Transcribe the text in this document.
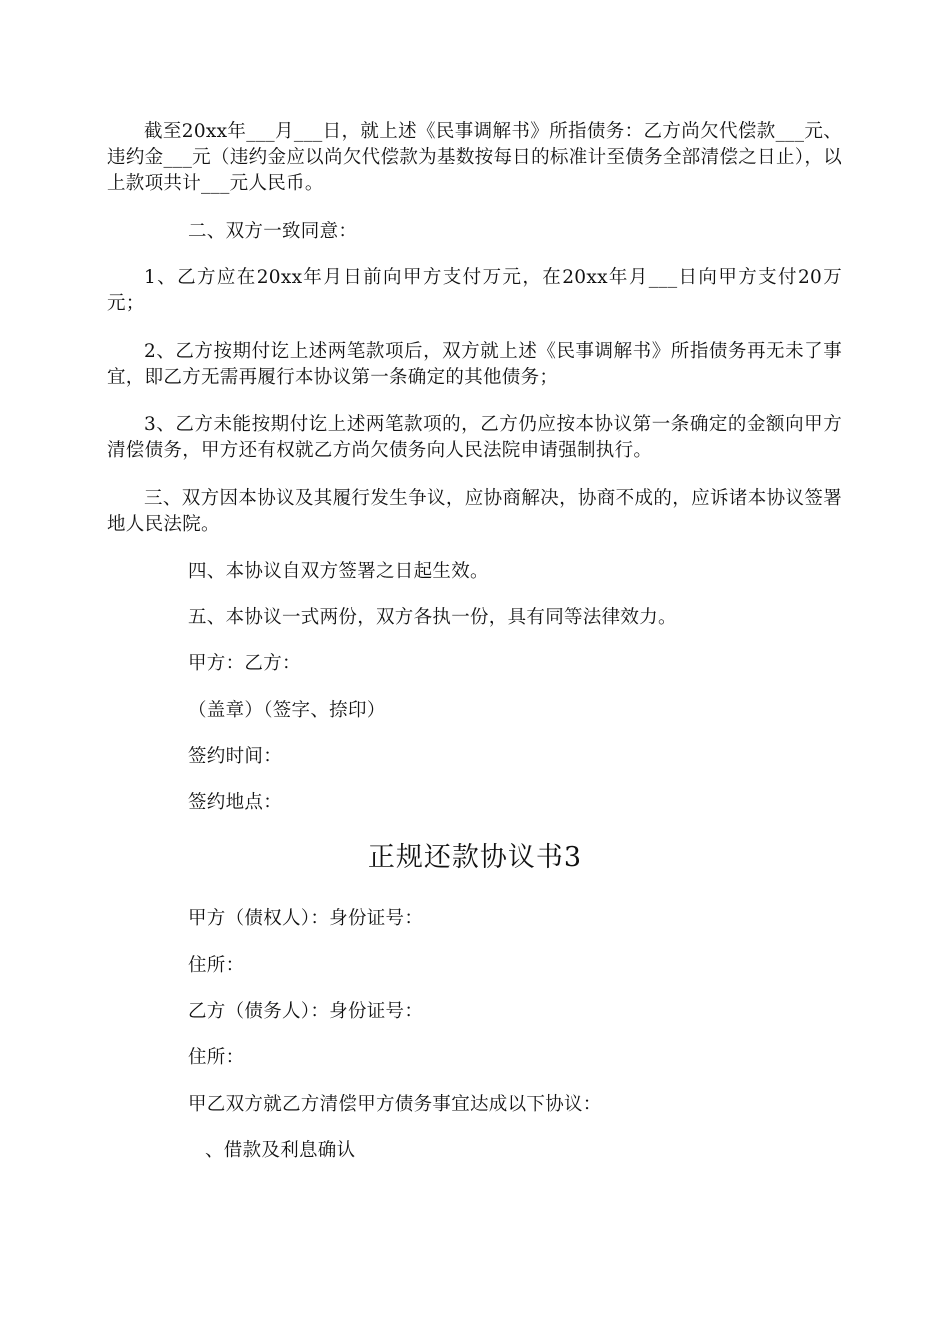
截至20xx年___月___日，就上述《民事调解书》所指债务：乙方尚欠代偿款___元、违约金___元（违约金应以尚欠代偿款为基数按每日的标准计至债务全部清偿之日止），以上款项共计___元人民币。

二、双方一致同意：

1、乙方应在20xx年月日前向甲方支付万元，在20xx年月___日向甲方支付20万元；

2、乙方按期付讫上述两笔款项后，双方就上述《民事调解书》所指债务再无未了事宜，即乙方无需再履行本协议第一条确定的其他债务；

3、乙方未能按期付讫上述两笔款项的，乙方仍应按本协议第一条确定的金额向甲方清偿债务，甲方还有权就乙方尚欠债务向人民法院申请强制执行。

三、双方因本协议及其履行发生争议，应协商解决，协商不成的，应诉诸本协议签署地人民法院。

四、本协议自双方签署之日起生效。

五、本协议一式两份，双方各执一份，具有同等法律效力。

甲方：乙方：

（盖章）（签字、捺印）

签约时间：

签约地点：

正规还款协议书3

甲方（债权人）：身份证号：

住所：

乙方（债务人）：身份证号：

住所：

甲乙双方就乙方清偿甲方债务事宜达成以下协议：

、借款及利息确认
